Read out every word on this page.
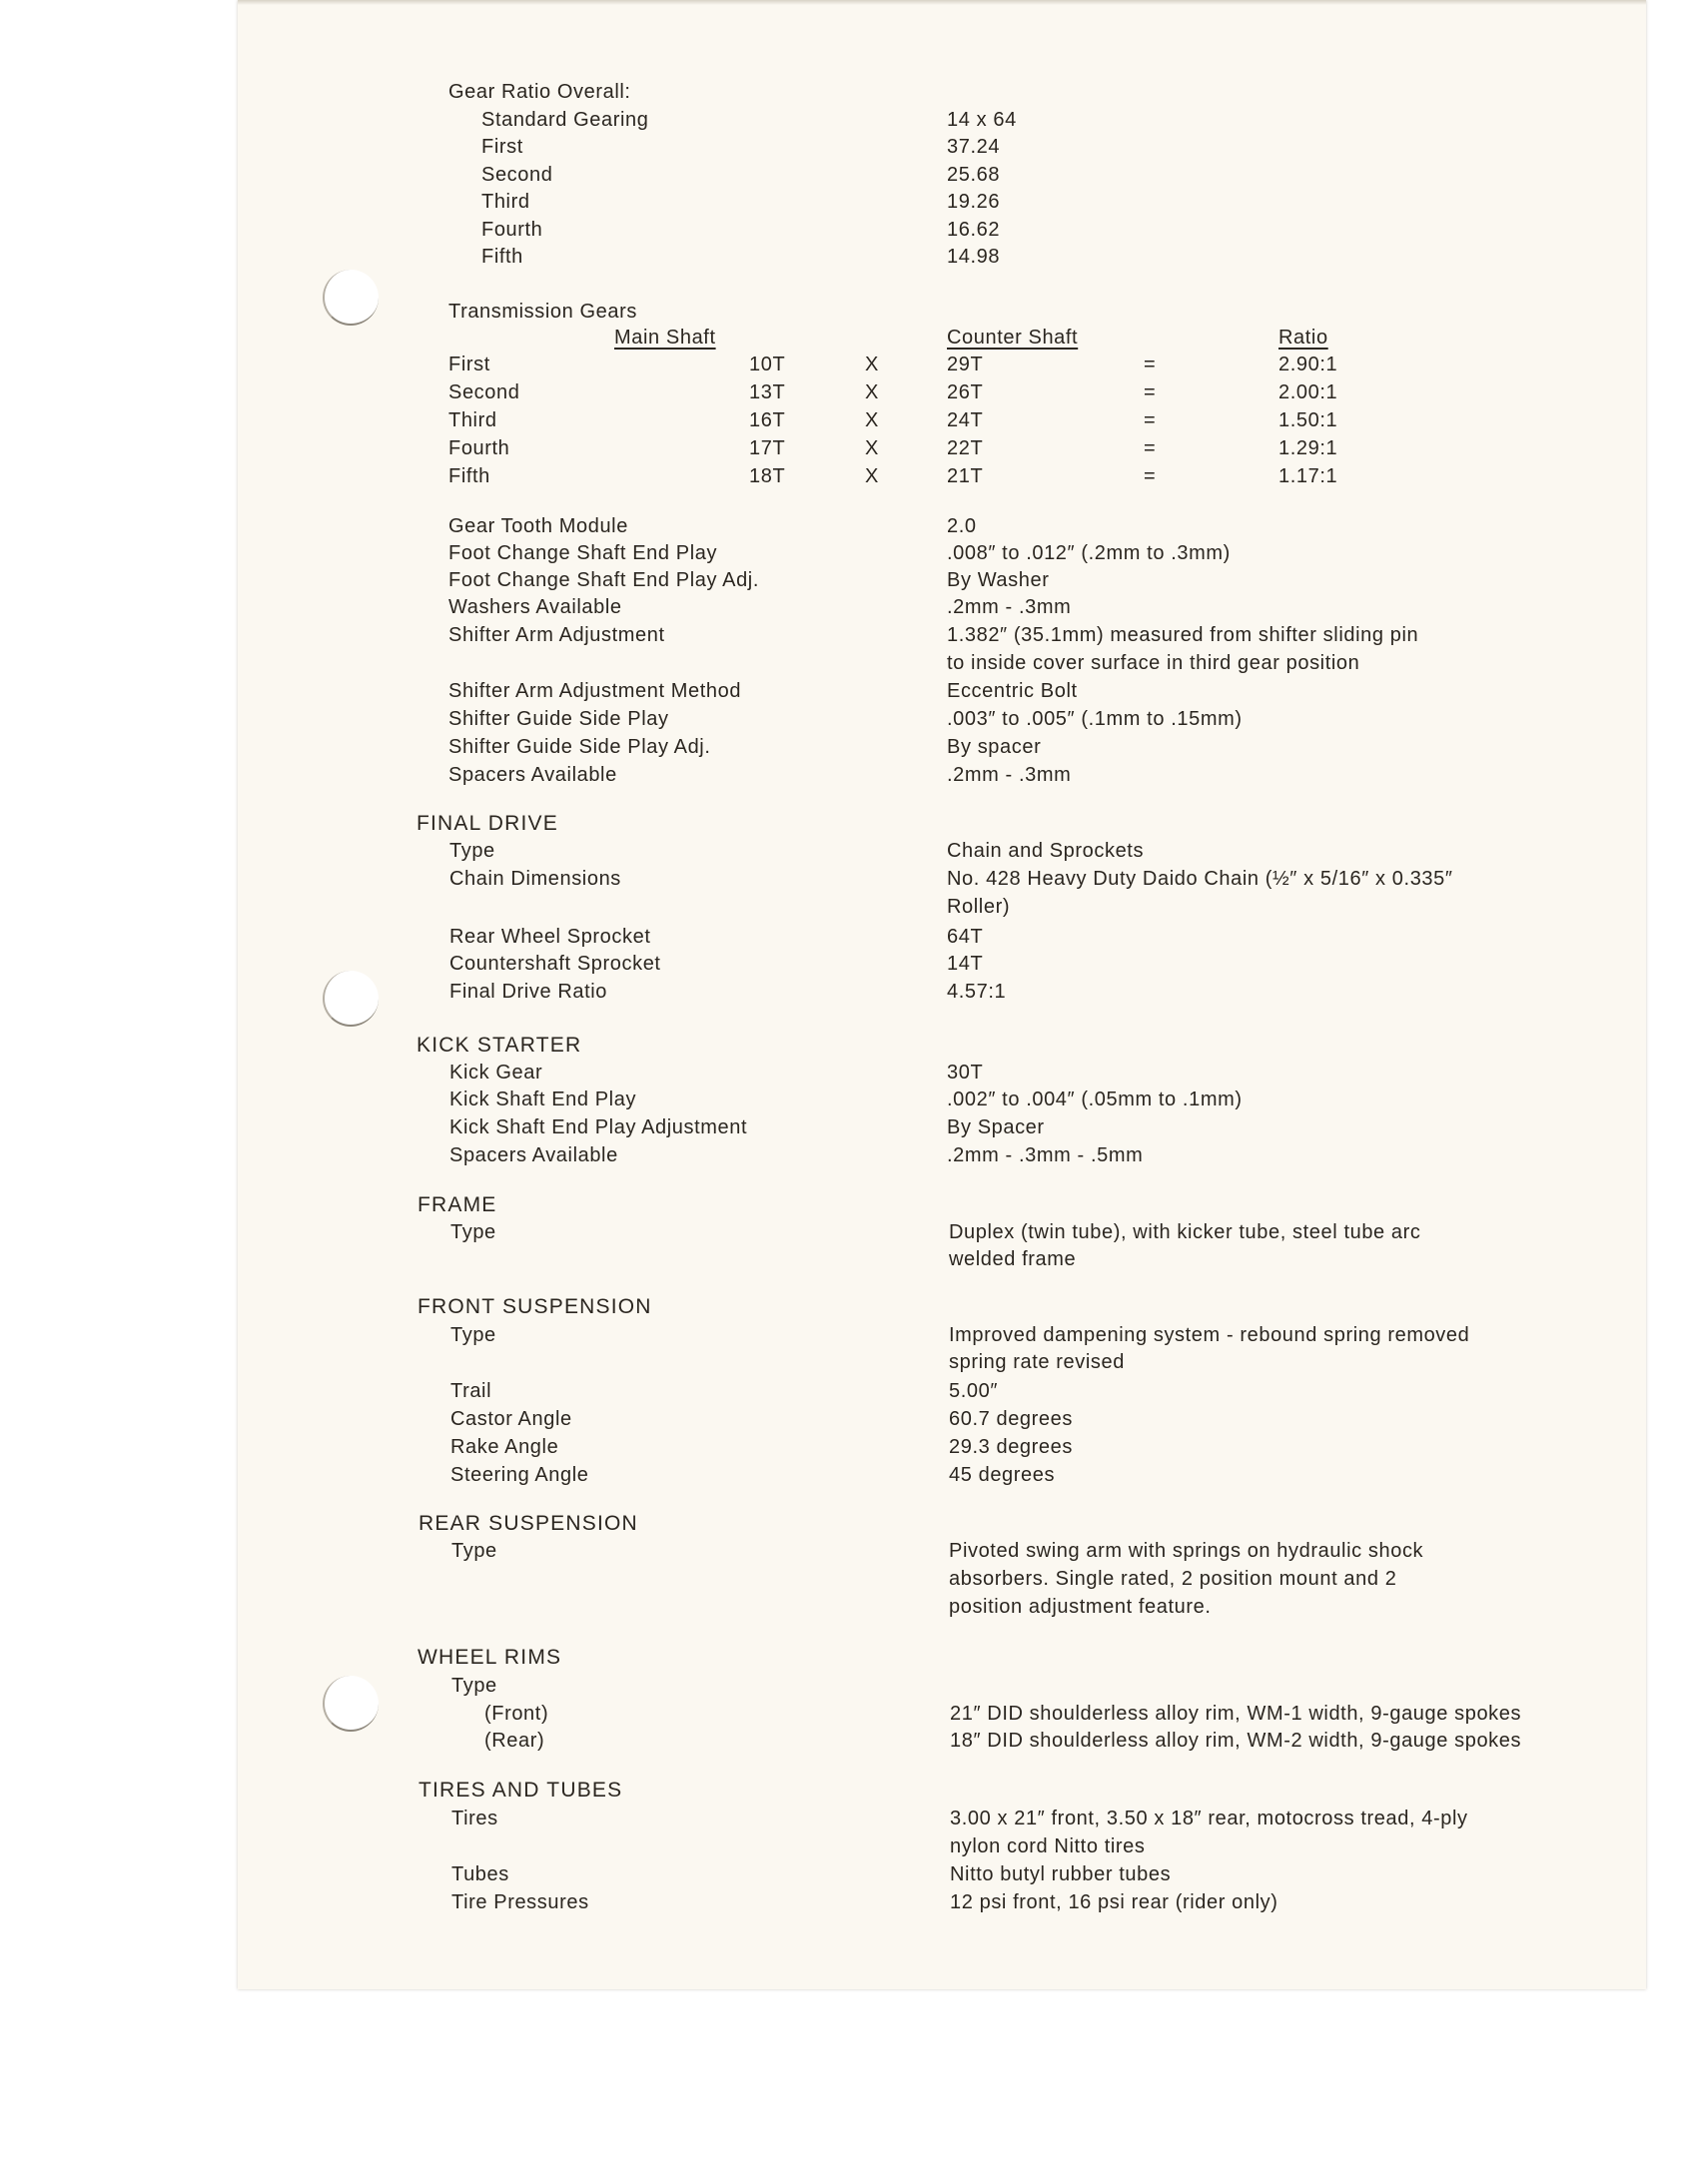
Gear Ratio Overall:
Standard Gearing	14 x 64
First	37.24
Second	25.68
Third	19.26
Fourth	16.62
Fifth	14.98
Transmission Gears
Main Shaft	Counter Shaft	Ratio
First	10T	X	29T	=	2.90:1
Second	13T	X	26T	=	2.00:1
Third	16T	X	24T	=	1.50:1
Fourth	17T	X	22T	=	1.29:1
Fifth	18T	X	21T	=	1.17:1
Gear Tooth Module	2.0
Foot Change Shaft End Play	.008″ to .012″ (.2mm to .3mm)
Foot Change Shaft End Play Adj.	By Washer
Washers Available	.2mm - .3mm
Shifter Arm Adjustment	1.382″ (35.1mm) measured from shifter sliding pin
to inside cover surface in third gear position
Shifter Arm Adjustment Method	Eccentric Bolt
Shifter Guide Side Play	.003″ to .005″ (.1mm to .15mm)
Shifter Guide Side Play Adj.	By spacer
Spacers Available	.2mm - .3mm
FINAL DRIVE
Type	Chain and Sprockets
Chain Dimensions	No. 428 Heavy Duty Daido Chain (½″ x 5/16″ x 0.335″
Roller)
Rear Wheel Sprocket	64T
Countershaft Sprocket	14T
Final Drive Ratio	4.57:1
KICK STARTER
Kick Gear	30T
Kick Shaft End Play	.002″ to .004″ (.05mm to .1mm)
Kick Shaft End Play Adjustment	By Spacer
Spacers Available	.2mm - .3mm - .5mm
FRAME
Type	Duplex (twin tube), with kicker tube, steel tube arc
welded frame
FRONT SUSPENSION
Type	Improved dampening system - rebound spring removed
spring rate revised
Trail	5.00″
Castor Angle	60.7 degrees
Rake Angle	29.3 degrees
Steering Angle	45 degrees
REAR SUSPENSION
Type	Pivoted swing arm with springs on hydraulic shock
absorbers. Single rated, 2 position mount and 2
position adjustment feature.
WHEEL RIMS
Type
(Front)	21″ DID shoulderless alloy rim, WM-1 width, 9-gauge spokes
(Rear)	18″ DID shoulderless alloy rim, WM-2 width, 9-gauge spokes
TIRES AND TUBES
Tires	3.00 x 21″ front, 3.50 x 18″ rear, motocross tread, 4-ply
nylon cord Nitto tires
Tubes	Nitto butyl rubber tubes
Tire Pressures	12 psi front, 16 psi rear (rider only)
